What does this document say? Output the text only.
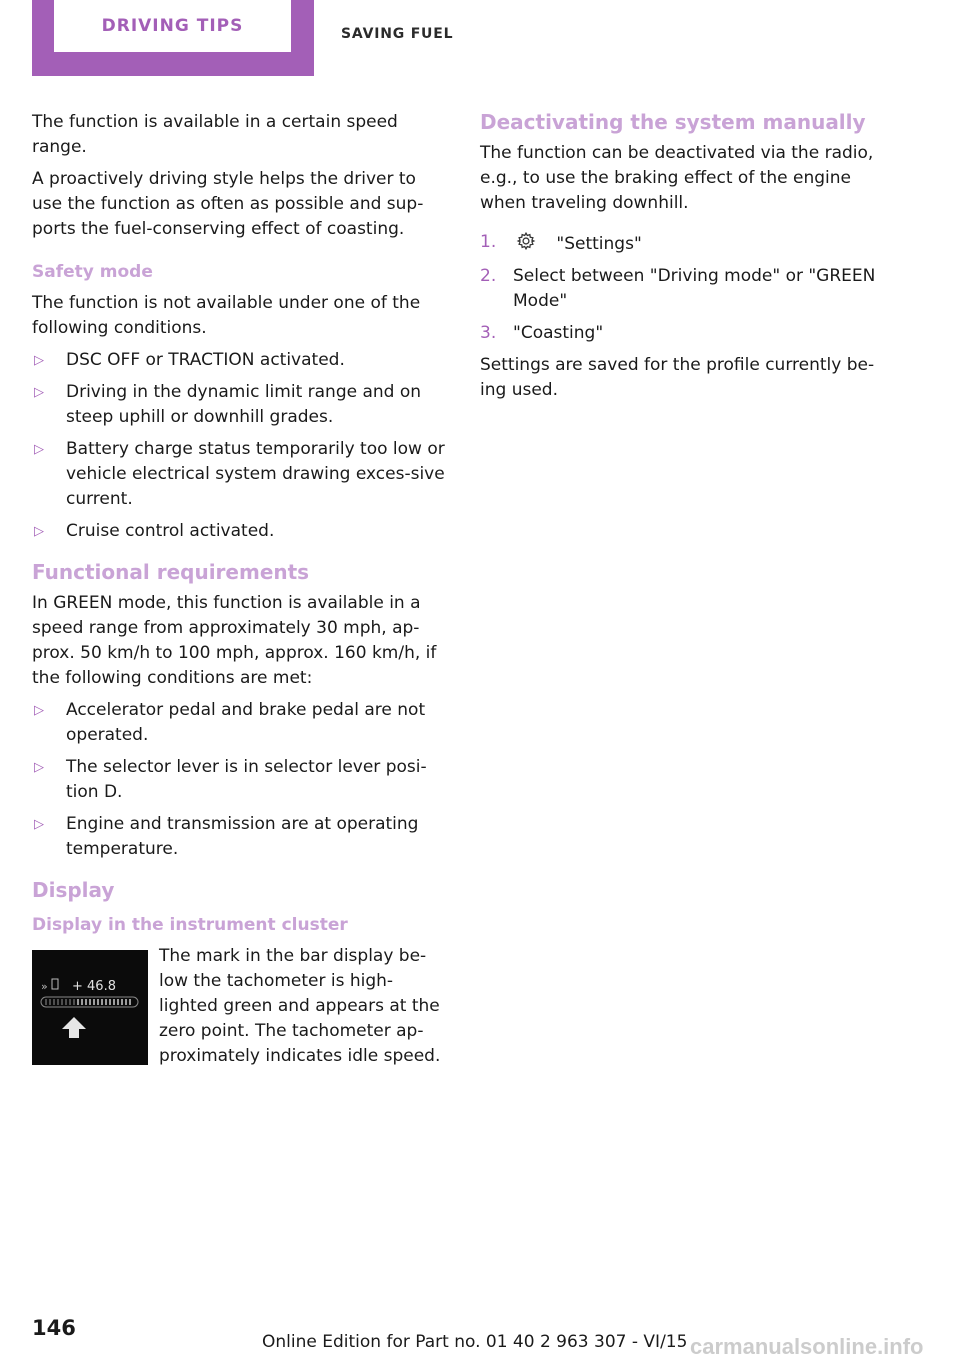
DRIVING TIPS	SAVING FUEL

The function is available in a certain speed range.

A proactively driving style helps the driver to use the function as often as possible and sup‐ports the fuel-conserving effect of coasting.

Safety mode

The function is not available under one of the following conditions.

▷ DSC OFF or TRACTION activated.
▷ Driving in the dynamic limit range and on steep uphill or downhill grades.
▷ Battery charge status temporarily too low or vehicle electrical system drawing exces‐sive current.
▷ Cruise control activated.
Functional requirements

In GREEN mode, this function is available in a speed range from approximately 30 mph, ap‐prox. 50 km/h to 100 mph, approx. 160 km/h, if the following conditions are met:

▷ Accelerator pedal and brake pedal are not operated.
▷ The selector lever is in selector lever posi‐tion D.
▷ Engine and transmission are at operating temperature.
Display
Display in the instrument cluster
» + 46.8
The mark in the bar display be‐low the tachometer is high‐lighted green and appears at the zero point. The tachometer ap‐proximately indicates idle speed.
Deactivating the system manually

The function can be deactivated via the radio, e.g., to use the braking effect of the engine when traveling downhill.

1.	"Settings"
2. Select between "Driving mode" or "GREEN Mode"
3. "Coasting"

Settings are saved for the profile currently be‐ing used.

146
Online Edition for Part no. 01 40 2 963 307 - VI/15 carmanualsonline.info
